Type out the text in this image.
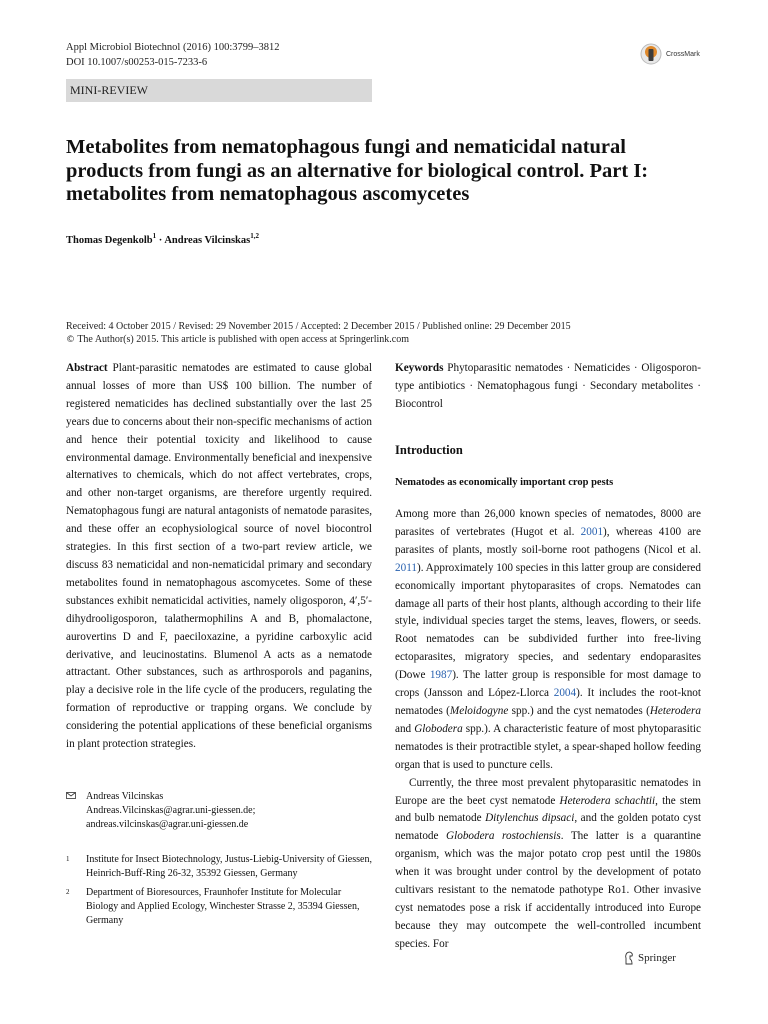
Appl Microbiol Biotechnol (2016) 100:3799–3812
DOI 10.1007/s00253-015-7233-6
CrossMark
MINI-REVIEW
Metabolites from nematophagous fungi and nematicidal natural products from fungi as an alternative for biological control. Part I: metabolites from nematophagous ascomycetes
Thomas Degenkolb$^1$ · Andreas Vilcinskas$^{1,2}$
Received: 4 October 2015 / Revised: 29 November 2015 / Accepted: 2 December 2015 / Published online: 29 December 2015
© The Author(s) 2015. This article is published with open access at Springerlink.com
Abstract Plant-parasitic nematodes are estimated to cause global annual losses of more than US$ 100 billion. The number of registered nematicides has declined substantially over the last 25 years due to concerns about their non-specific mechanisms of action and hence their potential toxicity and likelihood to cause environmental damage. Environmentally beneficial and inexpensive alternatives to chemicals, which do not affect vertebrates, crops, and other non-target organisms, are therefore urgently required. Nematophagous fungi are natural antagonists of nematode parasites, and these offer an ecophysiological source of novel biocontrol strategies. In this first section of a two-part review article, we discuss 83 nematicidal and non-nematicidal primary and secondary metabolites found in nematophagous ascomycetes. Some of these substances exhibit nematicidal activities, namely oligosporon, 4′,5′-dihydrooligosporon, talathermophilins A and B, phomalactone, aurovertins D and F, paecilоxazine, a pyridine carboxylic acid derivative, and leucinostatins. Blumenol A acts as a nematode attractant. Other substances, such as arthrosporols and paganins, play a decisive role in the life cycle of the producers, regulating the formation of reproductive or trapping organs. We conclude by considering the potential applications of these beneficial organisms in plant protection strategies.
Keywords Phytoparasitic nematodes · Nematicides · Oligosporon-type antibiotics · Nematophagous fungi · Secondary metabolites · Biocontrol
Introduction
Nematodes as economically important crop pests
Among more than 26,000 known species of nematodes, 8000 are parasites of vertebrates (Hugot et al. 2001), whereas 4100 are parasites of plants, mostly soil-borne root pathogens (Nicol et al. 2011). Approximately 100 species in this latter group are considered economically important phytoparasites of crops. Nematodes can damage all parts of their host plants, although according to their life style, individual species target the stems, leaves, flowers, or seeds. Root nematodes can be subdivided further into free-living ectoparasites, migratory species, and sedentary endoparasites (Dowe 1987). The latter group is responsible for most damage to crops (Jansson and López-Llorca 2004). It includes the root-knot nematodes (Meloidogyne spp.) and the cyst nematodes (Heterodera and Globodera spp.). A characteristic feature of most phytoparasitic nematodes is their protractible stylet, a spear-shaped hollow feeding organ that is used to puncture cells.
Currently, the three most prevalent phytoparasitic nematodes in Europe are the beet cyst nematode Heterodera schachtii, the stem and bulb nematode Ditylenchus dipsaci, and the golden potato cyst nematode Globodera rostochiensis. The latter is a quarantine organism, which was the major potato crop pest until the 1980s when it was brought under control by the development of potato cultivars resistant to the nematode pathotype Ro1. Other invasive cyst nematodes pose a risk if accidentally introduced into Europe because they may outcompete the well-controlled incumbent species. For
Andreas Vilcinskas
Andreas.Vilcinskas@agrar.uni-giessen.de;
andreas.vilcinskas@agrar.uni-giessen.de
1 Institute for Insect Biotechnology, Justus-Liebig-University of Giessen, Heinrich-Buff-Ring 26-32, 35392 Giessen, Germany
2 Department of Bioresources, Fraunhofer Institute for Molecular Biology and Applied Ecology, Winchester Strasse 2, 35394 Giessen, Germany
Springer
